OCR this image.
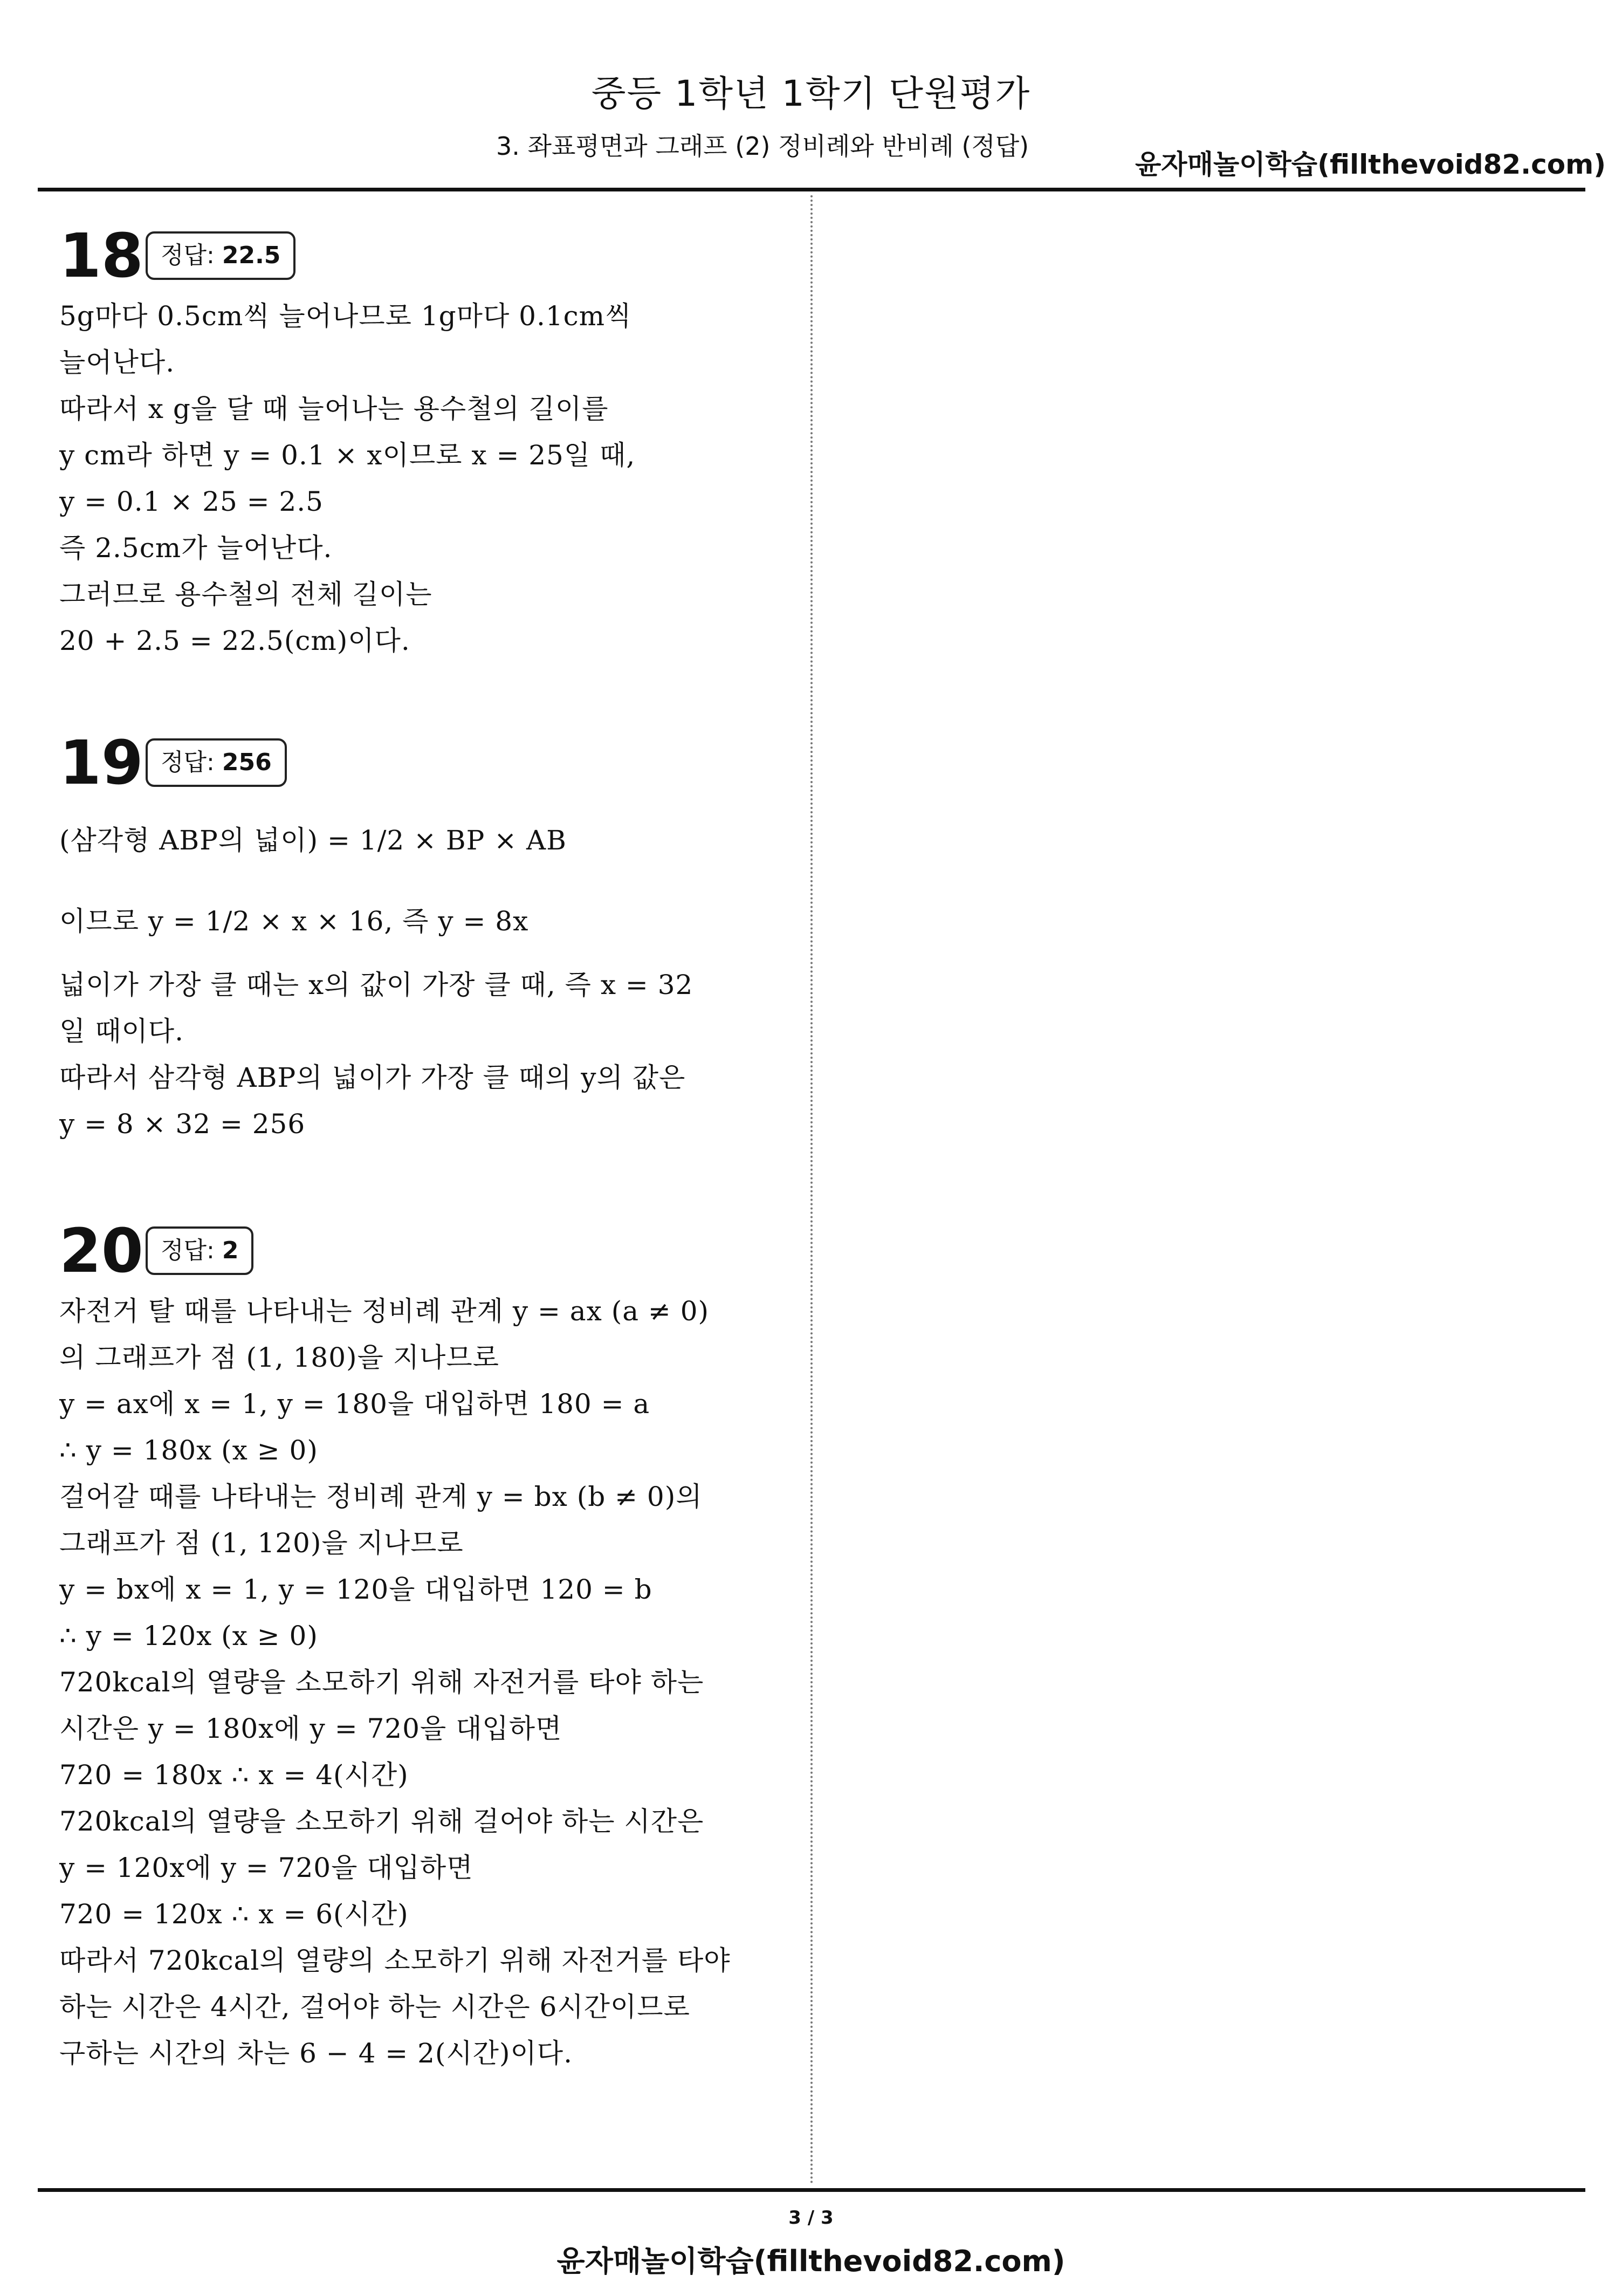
중등 1학년 1학기 단원평가
3. 좌표평면과 그래프 (2) 정비례와 반비례 (정답)
윤자매놀이학습(fillthevoid82.com)
18 정답: 22.5
5g마다 0.5cm씩 늘어나므로 1g마다 0.1cm씩
늘어난다.
따라서 x g을 달 때 늘어나는 용수철의 길이를
y cm라 하면 y = 0.1 × x이므로 x = 25일 때,
y = 0.1 × 25 = 2.5
즉 2.5cm가 늘어난다.
그러므로 용수철의 전체 길이는
20 + 2.5 = 22.5(cm)이다.
19 정답: 256
(삼각형 ABP의 넓이) = 1/2 × BP × AB
이므로 y = 1/2 × x × 16, 즉 y = 8x
넓이가 가장 클 때는 x의 값이 가장 클 때, 즉 x = 32
일 때이다.
따라서 삼각형 ABP의 넓이가 가장 클 때의 y의 값은
y = 8 × 32 = 256
20 정답: 2
자전거 탈 때를 나타내는 정비례 관계 y = ax (a ≠ 0)
의 그래프가 점 (1, 180)을 지나므로
y = ax에 x = 1, y = 180을 대입하면 180 = a
∴ y = 180x (x ≥ 0)
걸어갈 때를 나타내는 정비례 관계 y = bx (b ≠ 0)의
그래프가 점 (1, 120)을 지나므로
y = bx에 x = 1, y = 120을 대입하면 120 = b
∴ y = 120x (x ≥ 0)
720kcal의 열량을 소모하기 위해 자전거를 타야 하는
시간은 y = 180x에 y = 720을 대입하면
720 = 180x ∴ x = 4(시간)
720kcal의 열량을 소모하기 위해 걸어야 하는 시간은
y = 120x에 y = 720을 대입하면
720 = 120x ∴ x = 6(시간)
따라서 720kcal의 열량의 소모하기 위해 자전거를 타야
하는 시간은 4시간, 걸어야 하는 시간은 6시간이므로
구하는 시간의 차는 6 − 4 = 2(시간)이다.
3 / 3
윤자매놀이학습(fillthevoid82.com)
